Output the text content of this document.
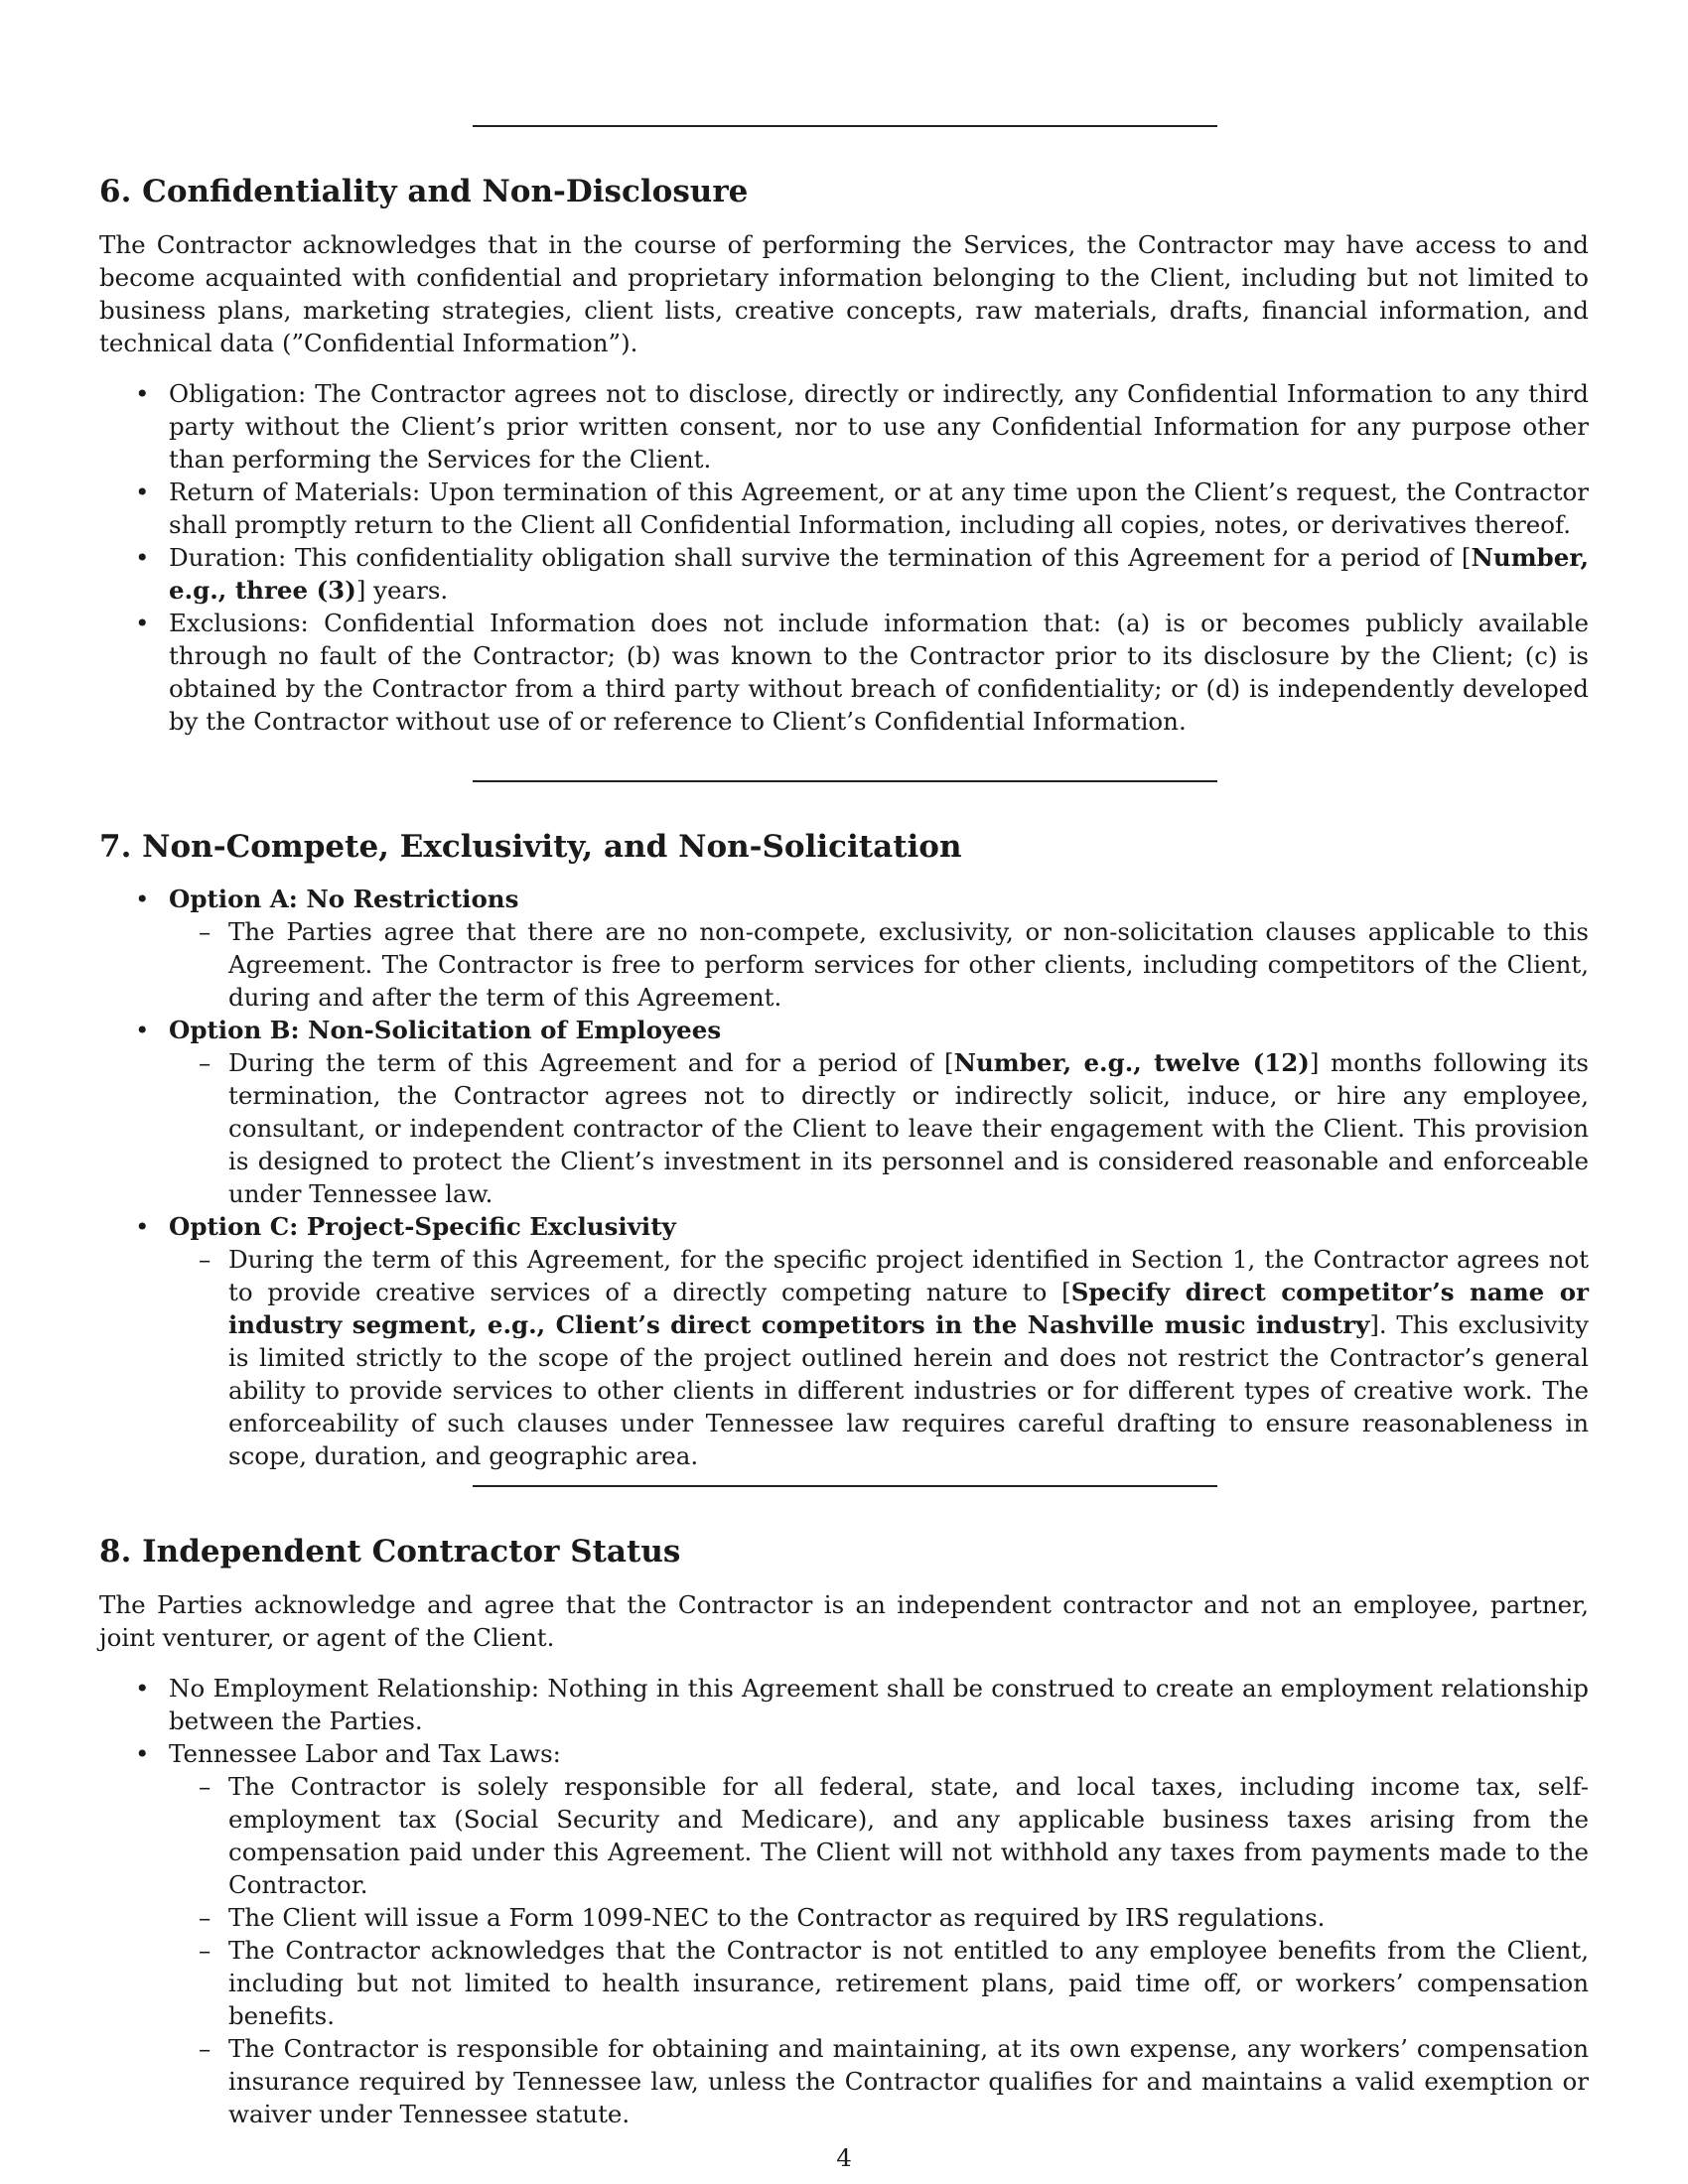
6. Confidentiality and Non-Disclosure

The Contractor acknowledges that in the course of performing the Services, the Contractor may have access to and become acquainted with confidential and proprietary information belonging to the Client, including but not limited to business plans, marketing strategies, client lists, creative concepts, raw materials, drafts, financial information, and technical data (”Confidential Information”).

• Obligation: The Contractor agrees not to disclose, directly or indirectly, any Confidential Information to any third party without the Client’s prior written consent, nor to use any Confidential Information for any purpose other than performing the Services for the Client.
• Return of Materials: Upon termination of this Agreement, or at any time upon the Client’s request, the Contractor shall promptly return to the Client all Confidential Information, including all copies, notes, or derivatives thereof.
• Duration: This confidentiality obligation shall survive the termination of this Agreement for a period of [Number, e.g., three (3)] years.
• Exclusions: Confidential Information does not include information that: (a) is or becomes publicly available through no fault of the Contractor; (b) was known to the Contractor prior to its disclosure by the Client; (c) is obtained by the Contractor from a third party without breach of confidentiality; or (d) is independently developed by the Contractor without use of or reference to Client’s Confidential Information.
7. Non-Compete, Exclusivity, and Non-Solicitation
• Option A: No Restrictions
– The Parties agree that there are no non-compete, exclusivity, or non-solicitation clauses applicable to this Agreement. The Contractor is free to perform services for other clients, including competitors of the Client, during and after the term of this Agreement.
• Option B: Non-Solicitation of Employees
– During the term of this Agreement and for a period of [Number, e.g., twelve (12)] months following its termination, the Contractor agrees not to directly or indirectly solicit, induce, or hire any employee, consultant, or independent contractor of the Client to leave their engagement with the Client. This provision is designed to protect the Client’s investment in its personnel and is considered reasonable and enforceable under Tennessee law.
• Option C: Project-Specific Exclusivity
– During the term of this Agreement, for the specific project identified in Section 1, the Contractor agrees not to provide creative services of a directly competing nature to [Specify direct competitor’s name or industry segment, e.g., Client’s direct competitors in the Nashville music industry]. This exclusivity is limited strictly to the scope of the project outlined herein and does not restrict the Contractor’s general ability to provide services to other clients in different industries or for different types of creative work. The enforceability of such clauses under Tennessee law requires careful drafting to ensure reasonableness in scope, duration, and geographic area.
8. Independent Contractor Status

The Parties acknowledge and agree that the Contractor is an independent contractor and not an employee, partner, joint venturer, or agent of the Client.

• No Employment Relationship: Nothing in this Agreement shall be construed to create an employment relationship between the Parties.
• Tennessee Labor and Tax Laws:
– The Contractor is solely responsible for all federal, state, and local taxes, including income tax, self-employment tax (Social Security and Medicare), and any applicable business taxes arising from the compensation paid under this Agreement. The Client will not withhold any taxes from payments made to the Contractor.
– The Client will issue a Form 1099-NEC to the Contractor as required by IRS regulations.
– The Contractor acknowledges that the Contractor is not entitled to any employee benefits from the Client, including but not limited to health insurance, retirement plans, paid time off, or workers’ compensation benefits.
– The Contractor is responsible for obtaining and maintaining, at its own expense, any workers’ compensation insurance required by Tennessee law, unless the Contractor qualifies for and maintains a valid exemption or waiver under Tennessee statute.
4
